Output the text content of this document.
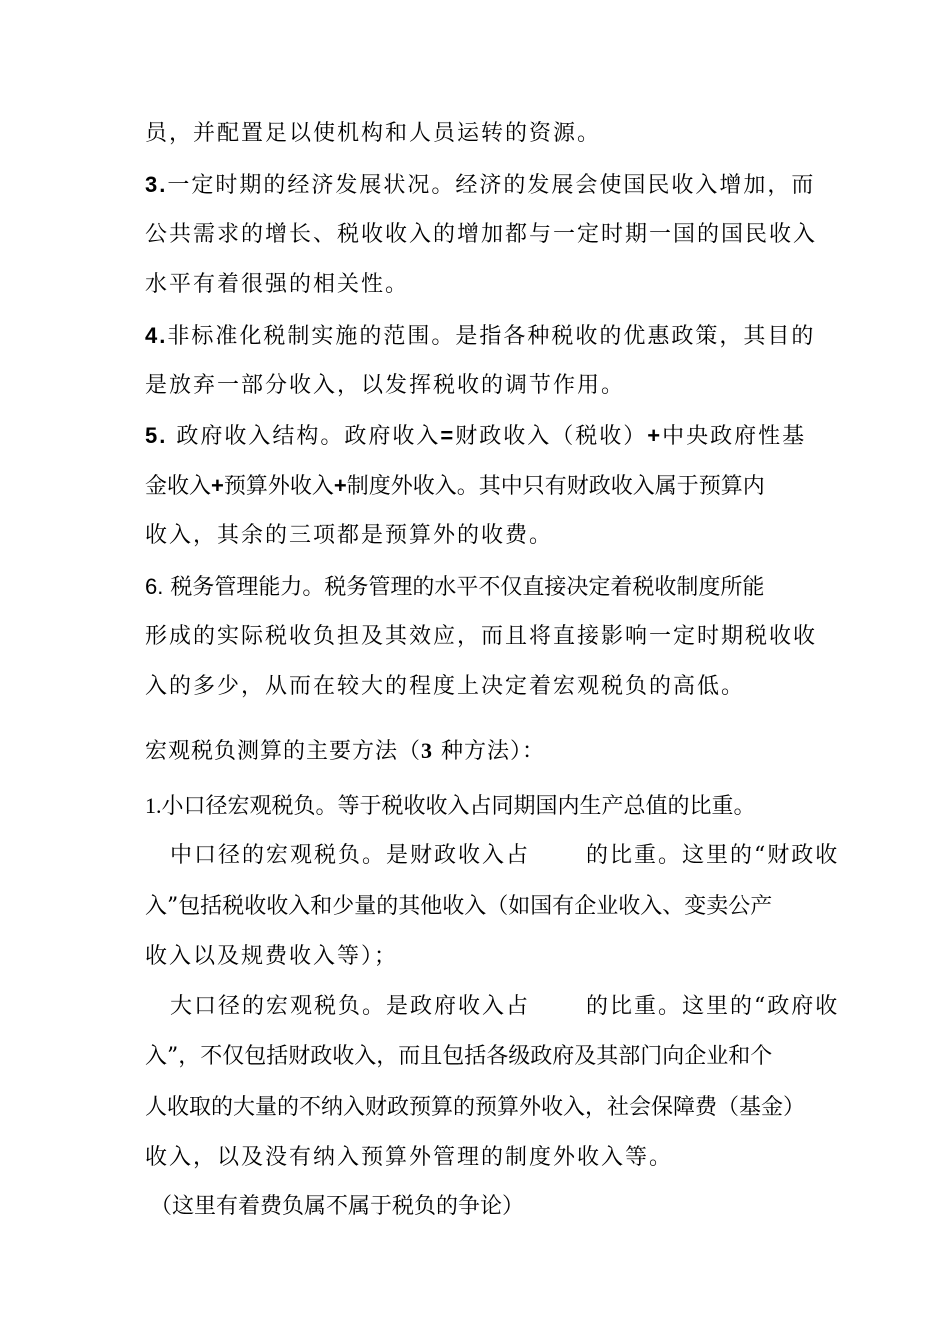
员，并配置足以使机构和人员运转的资源。
3.一定时期的经济发展状况。经济的发展会使国民收入增加，而
公共需求的增长、税收收入的增加都与一定时期一国的国民收入
水平有着很强的相关性。
4.非标准化税制实施的范围。是指各种税收的优惠政策，其目的
是放弃一部分收入，以发挥税收的调节作用。
5. 政府收入结构。政府收入=财政收入（税收）+中央政府性基
金收入+预算外收入+制度外收入。其中只有财政收入属于预算内
收入，其余的三项都是预算外的收费。
6. 税务管理能力。税务管理的水平不仅直接决定着税收制度所能
形成的实际税收负担及其效应，而且将直接影响一定时期税收收
入的多少，从而在较大的程度上决定着宏观税负的高低。
宏观税负测算的主要方法（3 种方法）：
1.小口径宏观税负。等于税收收入占同期国内生产总值的比重。
中口径的宏观税负。是财政收入占	的比重。这里的“财政收
入”包括税收收入和少量的其他收入（如国有企业收入、变卖公产
收入以及规费收入等）；
大口径的宏观税负。是政府收入占	的比重。这里的“政府收
入”，不仅包括财政收入，而且包括各级政府及其部门向企业和个
人收取的大量的不纳入财政预算的预算外收入，社会保障费（基金）
收入，以及没有纳入预算外管理的制度外收入等。
（这里有着费负属不属于税负的争论）
